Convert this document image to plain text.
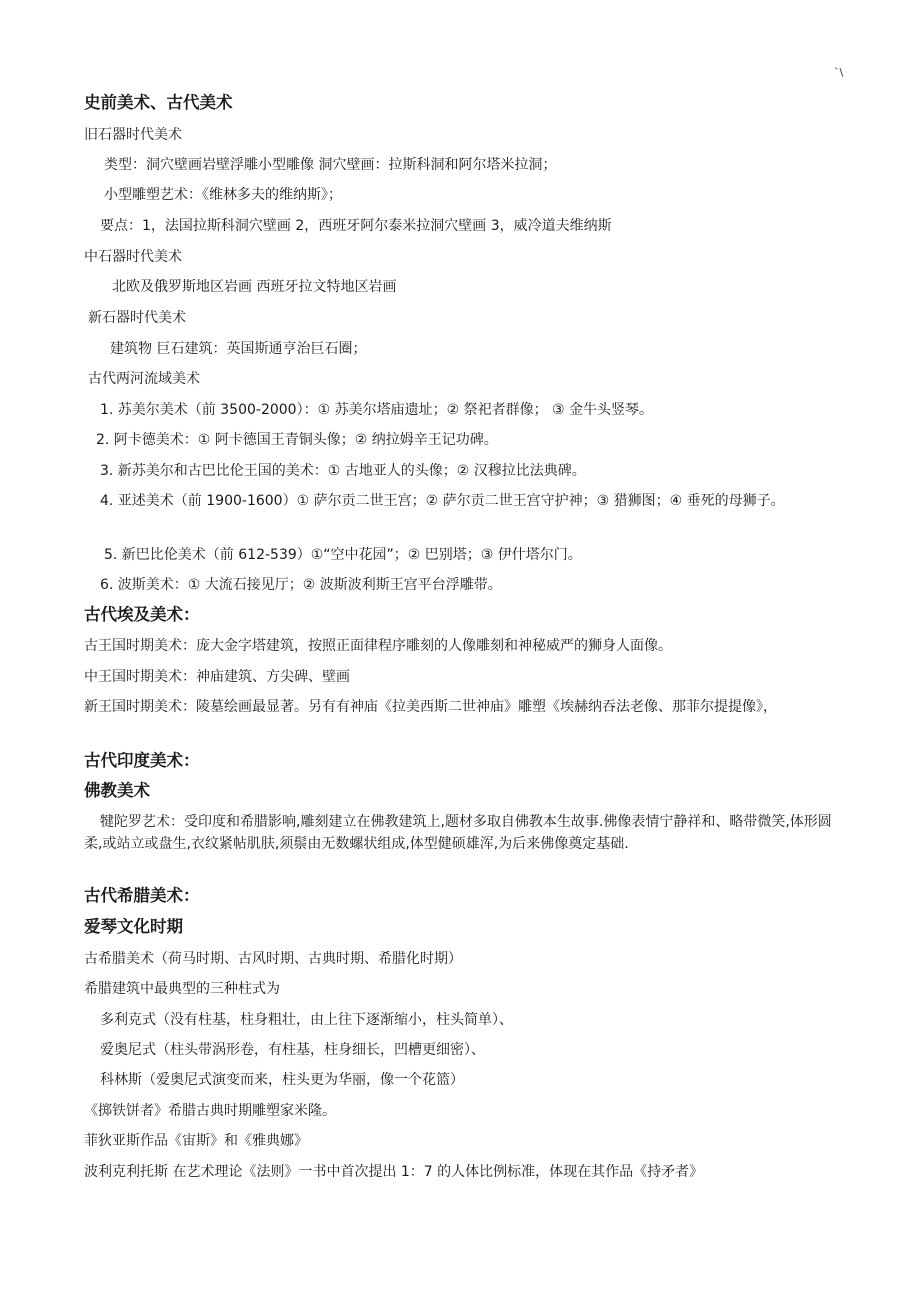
`\
史前美术、古代美术
旧石器时代美术
类型：洞穴壁画岩壁浮雕小型雕像 洞穴壁画：拉斯科洞和阿尔塔米拉洞；
小型雕塑艺术：《维林多夫的维纳斯》；
要点：1，法国拉斯科洞穴壁画 2，西班牙阿尔泰米拉洞穴壁画 3，威冷道夫维纳斯
中石器时代美术
北欧及俄罗斯地区岩画 西班牙拉文特地区岩画
新石器时代美术
建筑物 巨石建筑：英国斯通亨治巨石圈；
古代两河流域美术
1. 苏美尔美术（前 3500-2000）：① 苏美尔塔庙遗址；② 祭祀者群像； ③ 金牛头竖琴。
2. 阿卡德美术：① 阿卡德国王青铜头像；② 纳拉姆辛王记功碑。
3. 新苏美尔和古巴比伦王国的美术：① 古地亚人的头像；② 汉穆拉比法典碑。
4. 亚述美术（前 1900-1600）① 萨尔贡二世王宫；② 萨尔贡二世王宫守护神；③ 猎狮图；④ 垂死的母狮子。
5. 新巴比伦美术（前 612-539）①“空中花园”；② 巴别塔；③ 伊什塔尔门。
6. 波斯美术：① 大流石接见厅；② 波斯波利斯王宫平台浮雕带。
古代埃及美术：
古王国时期美术：庞大金字塔建筑，按照正面律程序雕刻的人像雕刻和神秘威严的狮身人面像。
中王国时期美术：神庙建筑、方尖碑、壁画
新王国时期美术：陵墓绘画最显著。另有有神庙《拉美西斯二世神庙》雕塑《埃赫纳吞法老像、那菲尔提提像》，
古代印度美术：
佛教美术
犍陀罗艺术：受印度和希腊影响,雕刻建立在佛教建筑上,题材多取自佛教本生故事.佛像表情宁静祥和、略带微笑,体形圆柔,或站立或盘生,衣纹紧帖肌肤,须鬃由无数螺状组成,体型健硕雄浑,为后来佛像奠定基础.
古代希腊美术：
爱琴文化时期
古希腊美术（荷马时期、古风时期、古典时期、希腊化时期）
希腊建筑中最典型的三种柱式为
多利克式（没有柱基，柱身粗壮，由上往下逐渐缩小，柱头简单）、
爱奥尼式（柱头带涡形卷，有柱基，柱身细长，凹槽更细密）、
科林斯（爱奥尼式演变而来，柱头更为华丽，像一个花篮）
《掷铁饼者》希腊古典时期雕塑家米隆。
菲狄亚斯作品《宙斯》和《雅典娜》
波利克利托斯 在艺术理论《法则》一书中首次提出 1：7 的人体比例标准，体现在其作品《持矛者》
